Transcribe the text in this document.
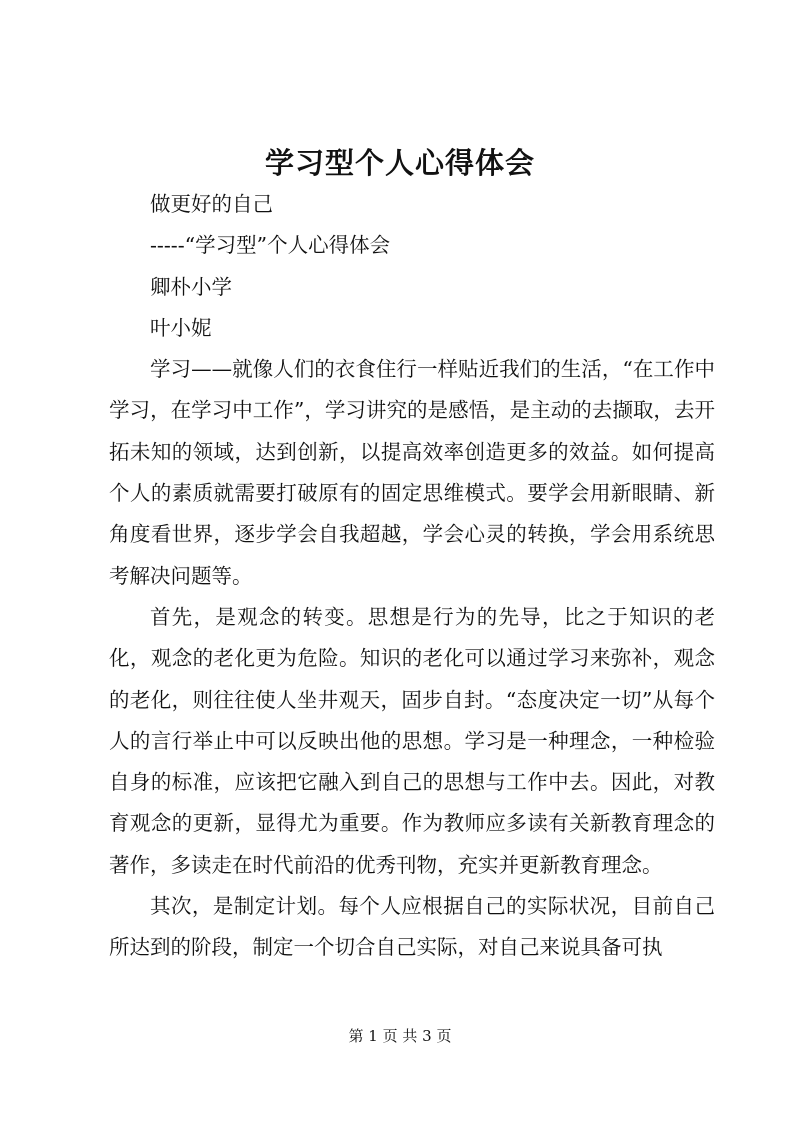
学习型个人心得体会

做更好的自己

-----“学习型”个人心得体会

卿朴小学

叶小妮

学习——就像人们的衣食住行一样贴近我们的生活，“在工作中学习，在学习中工作”，学习讲究的是感悟，是主动的去撷取，去开拓未知的领域，达到创新，以提高效率创造更多的效益。如何提高个人的素质就需要打破原有的固定思维模式。要学会用新眼睛、新角度看世界，逐步学会自我超越，学会心灵的转换，学会用系统思考解决问题等。

首先，是观念的转变。思想是行为的先导，比之于知识的老化，观念的老化更为危险。知识的老化可以通过学习来弥补，观念的老化，则往往使人坐井观天，固步自封。“态度决定一切”从每个人的言行举止中可以反映出他的思想。学习是一种理念，一种检验自身的标准，应该把它融入到自己的思想与工作中去。因此，对教育观念的更新，显得尤为重要。作为教师应多读有关新教育理念的著作，多读走在时代前沿的优秀刊物，充实并更新教育理念。

其次，是制定计划。每个人应根据自己的实际状况，目前自己所达到的阶段，制定一个切合自己实际，对自己来说具备可执

第 1 页 共 3 页
